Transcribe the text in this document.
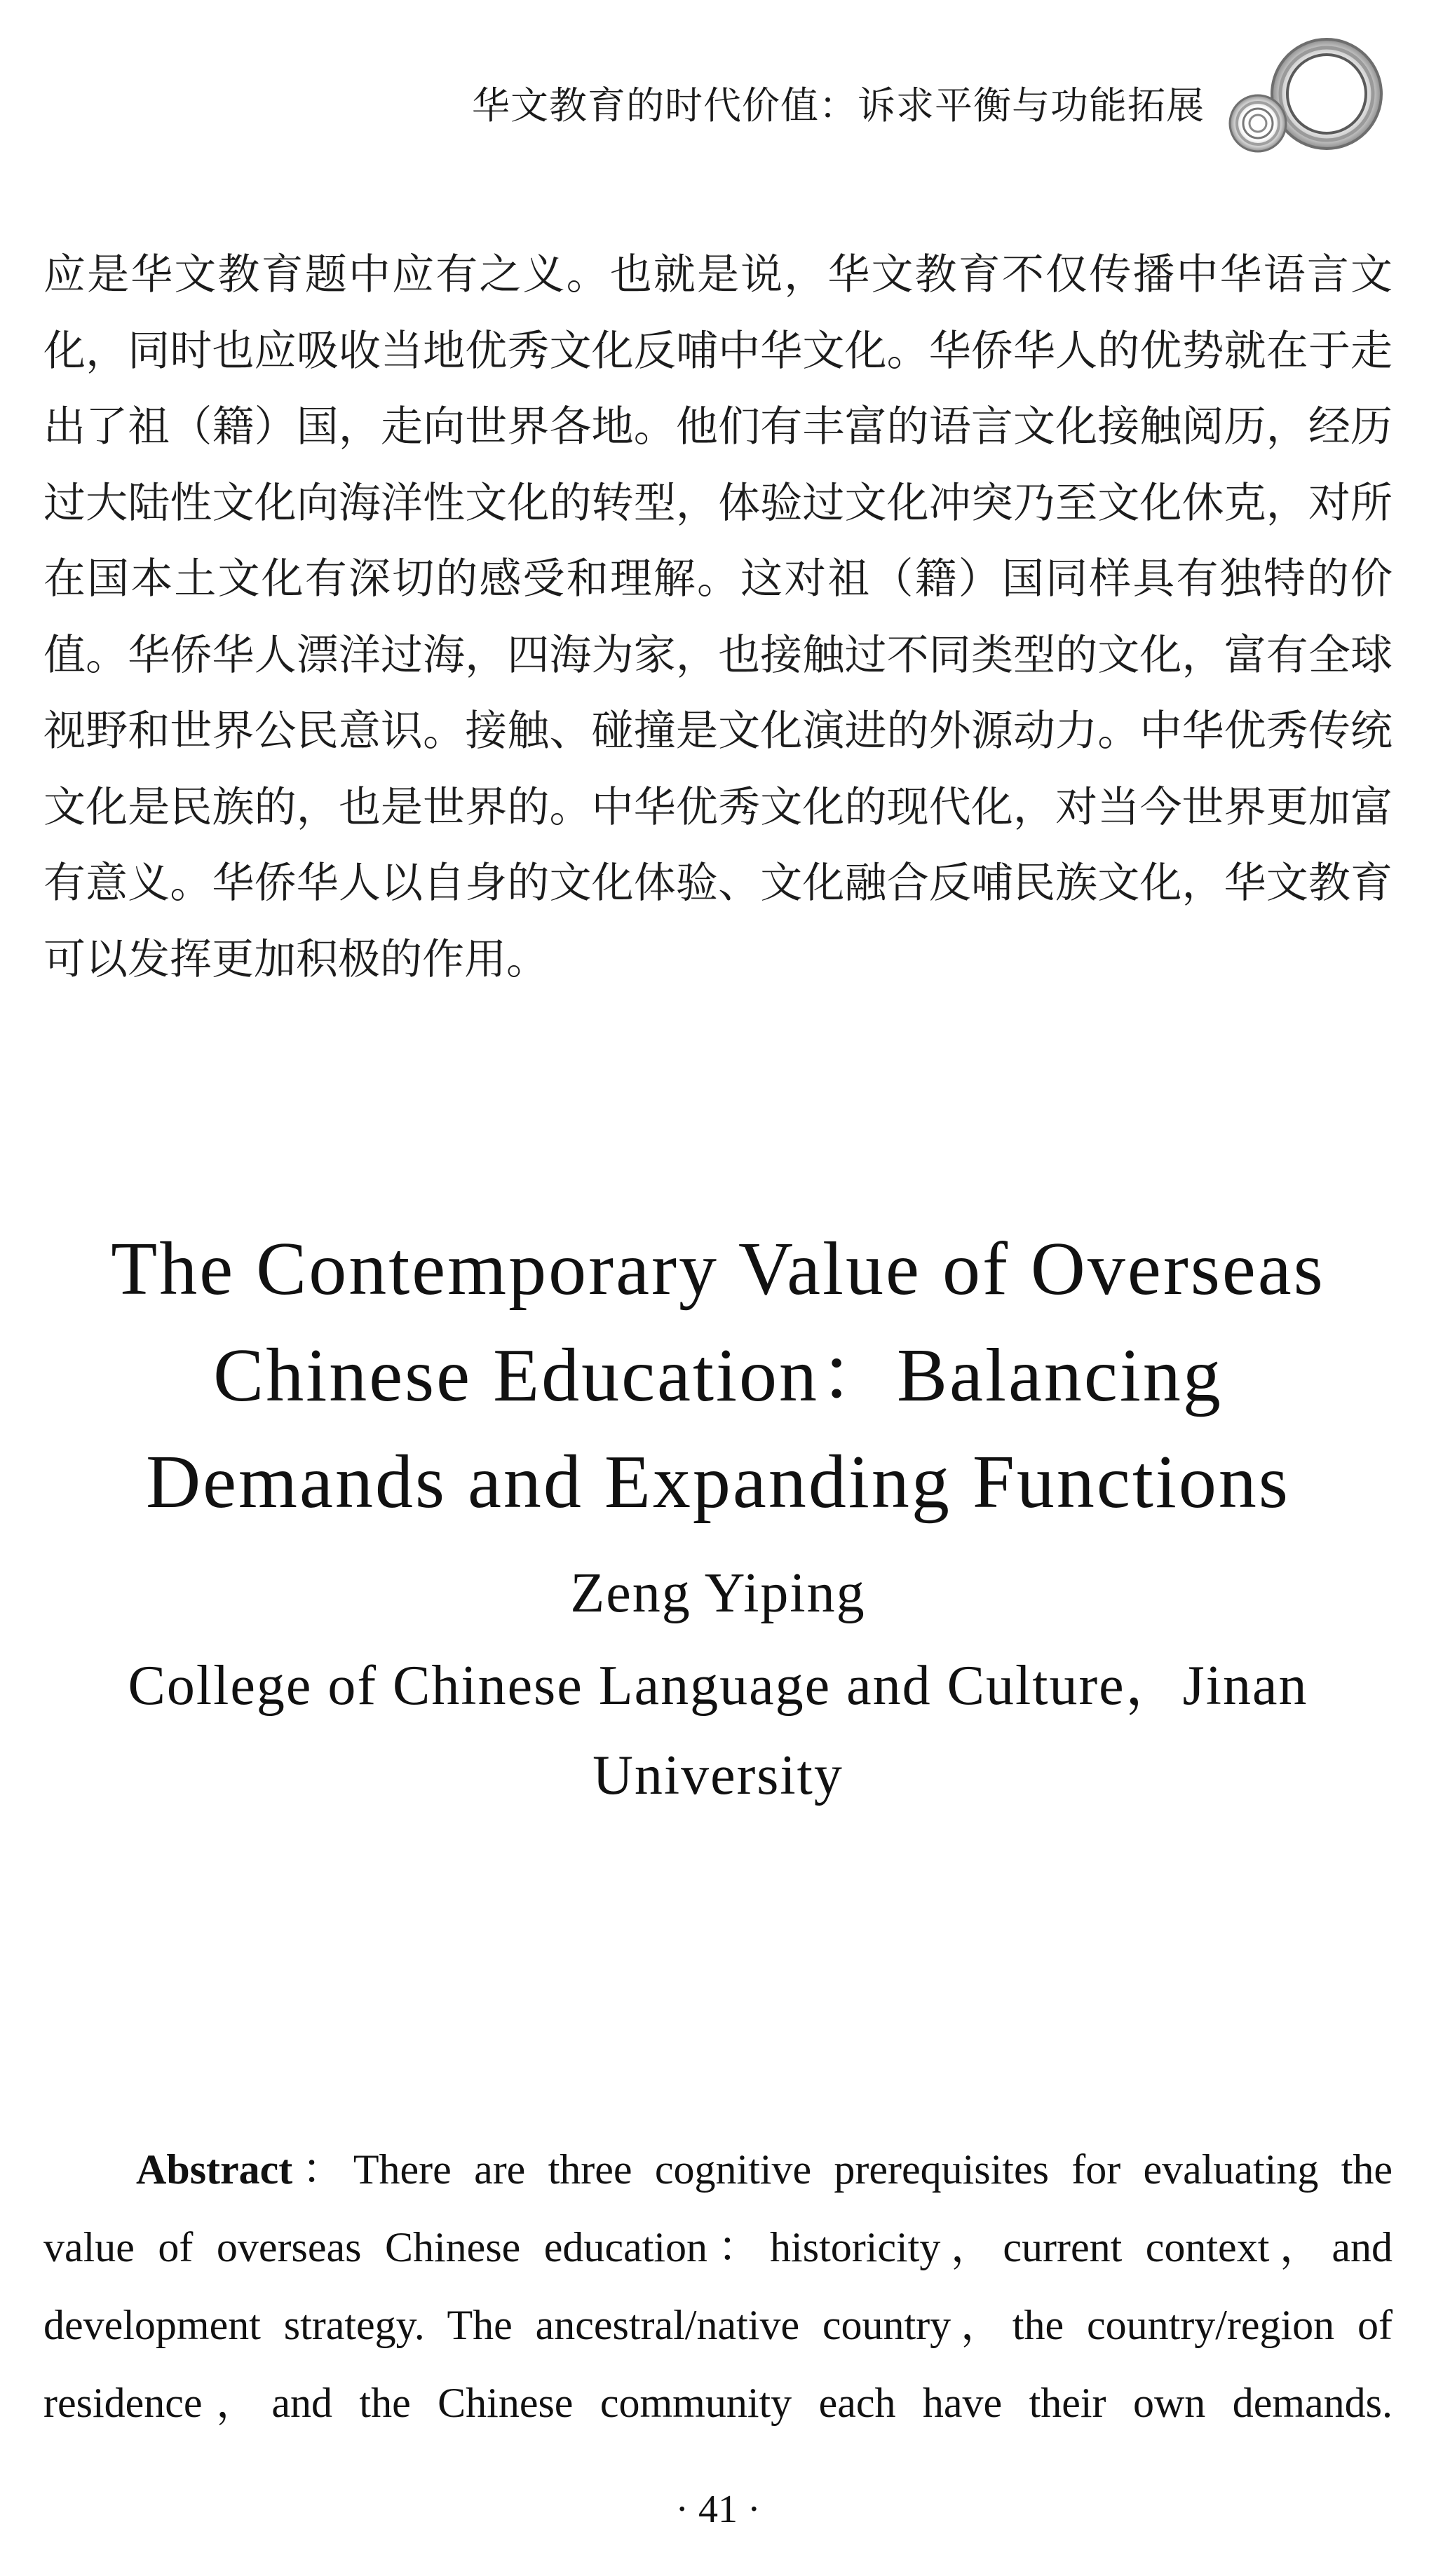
华文教育的时代价值：诉求平衡与功能拓展

应是华文教育题中应有之义。也就是说，华文教育不仅传播中华语言文化，同时也应吸收当地优秀文化反哺中华文化。华侨华人的优势就在于走出了祖（籍）国，走向世界各地。他们有丰富的语言文化接触阅历，经历过大陆性文化向海洋性文化的转型，体验过文化冲突乃至文化休克，对所在国本土文化有深切的感受和理解。这对祖（籍）国同样具有独特的价值。华侨华人漂洋过海，四海为家，也接触过不同类型的文化，富有全球视野和世界公民意识。接触、碰撞是文化演进的外源动力。中华优秀传统文化是民族的，也是世界的。中华优秀文化的现代化，对当今世界更加富有意义。华侨华人以自身的文化体验、文化融合反哺民族文化，华文教育可以发挥更加积极的作用。

The Contemporary Value of Overseas Chinese Education：Balancing Demands and Expanding Functions
Zeng Yiping
College of Chinese Language and Culture，Jinan University

Abstract：There are three cognitive prerequisites for evaluating the value of overseas Chinese education：historicity，current context，and development strategy. The ancestral/native country，the country/region of residence，and the Chinese community each have their own demands.

· 41 ·
